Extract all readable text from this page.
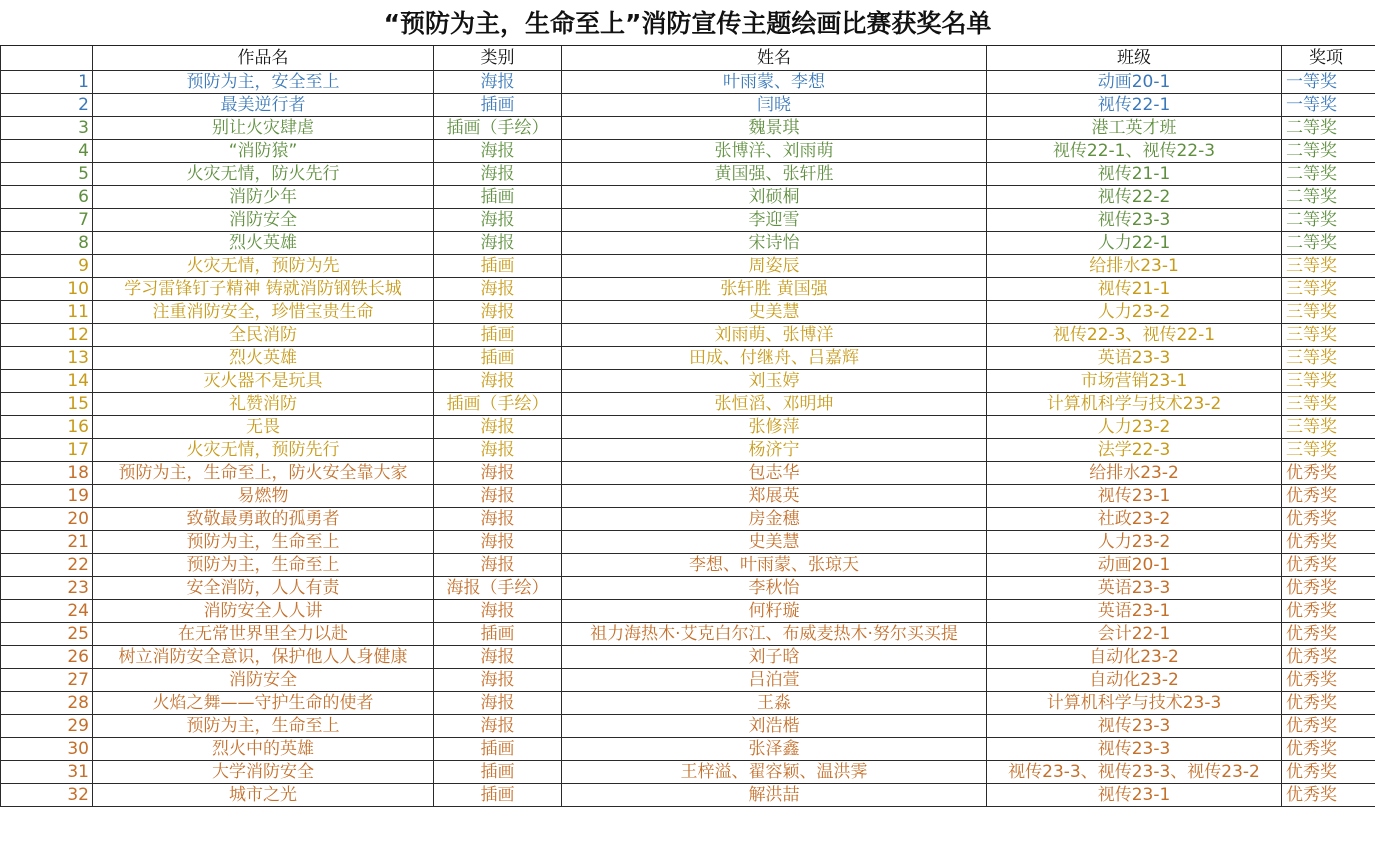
“预防为主，生命至上”消防宣传主题绘画比赛获奖名单
	作品名	类别	姓名	班级	奖项
1	预防为主，安全至上	海报	叶雨蒙、李想	动画20-1	一等奖
2	最美逆行者	插画	闫晓	视传22-1	一等奖
3	别让火灾肆虐	插画（手绘）	魏景琪	港工英才班	二等奖
4	“消防猿”	海报	张博洋、刘雨萌	视传22-1、视传22-3	二等奖
5	火灾无情，防火先行	海报	黄国强、张轩胜	视传21-1	二等奖
6	消防少年	插画	刘硕桐	视传22-2	二等奖
7	消防安全	海报	李迎雪	视传23-3	二等奖
8	烈火英雄	海报	宋诗怡	人力22-1	二等奖
9	火灾无情，预防为先	插画	周姿辰	给排水23-1	三等奖
10	学习雷锋钉子精神 铸就消防钢铁长城	海报	张轩胜 黄国强	视传21-1	三等奖
11	注重消防安全，珍惜宝贵生命	海报	史美慧	人力23-2	三等奖
12	全民消防	插画	刘雨萌、张博洋	视传22-3、视传22-1	三等奖
13	烈火英雄	插画	田成、付继舟、吕嘉辉	英语23-3	三等奖
14	灭火器不是玩具	海报	刘玉婷	市场营销23-1	三等奖
15	礼赞消防	插画（手绘）	张恒滔、邓明坤	计算机科学与技术23-2	三等奖
16	无畏	海报	张修萍	人力23-2	三等奖
17	火灾无情，预防先行	海报	杨济宁	法学22-3	三等奖
18	预防为主，生命至上，防火安全靠大家	海报	包志华	给排水23-2	优秀奖
19	易燃物	海报	郑展英	视传23-1	优秀奖
20	致敬最勇敢的孤勇者	海报	房金穗	社政23-2	优秀奖
21	预防为主，生命至上	海报	史美慧	人力23-2	优秀奖
22	预防为主，生命至上	海报	李想、叶雨蒙、张琼天	动画20-1	优秀奖
23	安全消防，人人有责	海报（手绘）	李秋怡	英语23-3	优秀奖
24	消防安全人人讲	海报	何籽璇	英语23-1	优秀奖
25	在无常世界里全力以赴	插画	祖力海热木·艾克白尔江、布威麦热木·努尔买买提	会计22-1	优秀奖
26	树立消防安全意识，保护他人人身健康	海报	刘子晗	自动化23-2	优秀奖
27	消防安全	海报	吕泊萱	自动化23-2	优秀奖
28	火焰之舞——守护生命的使者	海报	王淼	计算机科学与技术23-3	优秀奖
29	预防为主，生命至上	海报	刘浩楷	视传23-3	优秀奖
30	烈火中的英雄	插画	张泽鑫	视传23-3	优秀奖
31	大学消防安全	插画	王梓溢、翟容颖、温洪霁	视传23-3、视传23-3、视传23-2	优秀奖
32	城市之光	插画	解洪喆	视传23-1	优秀奖
